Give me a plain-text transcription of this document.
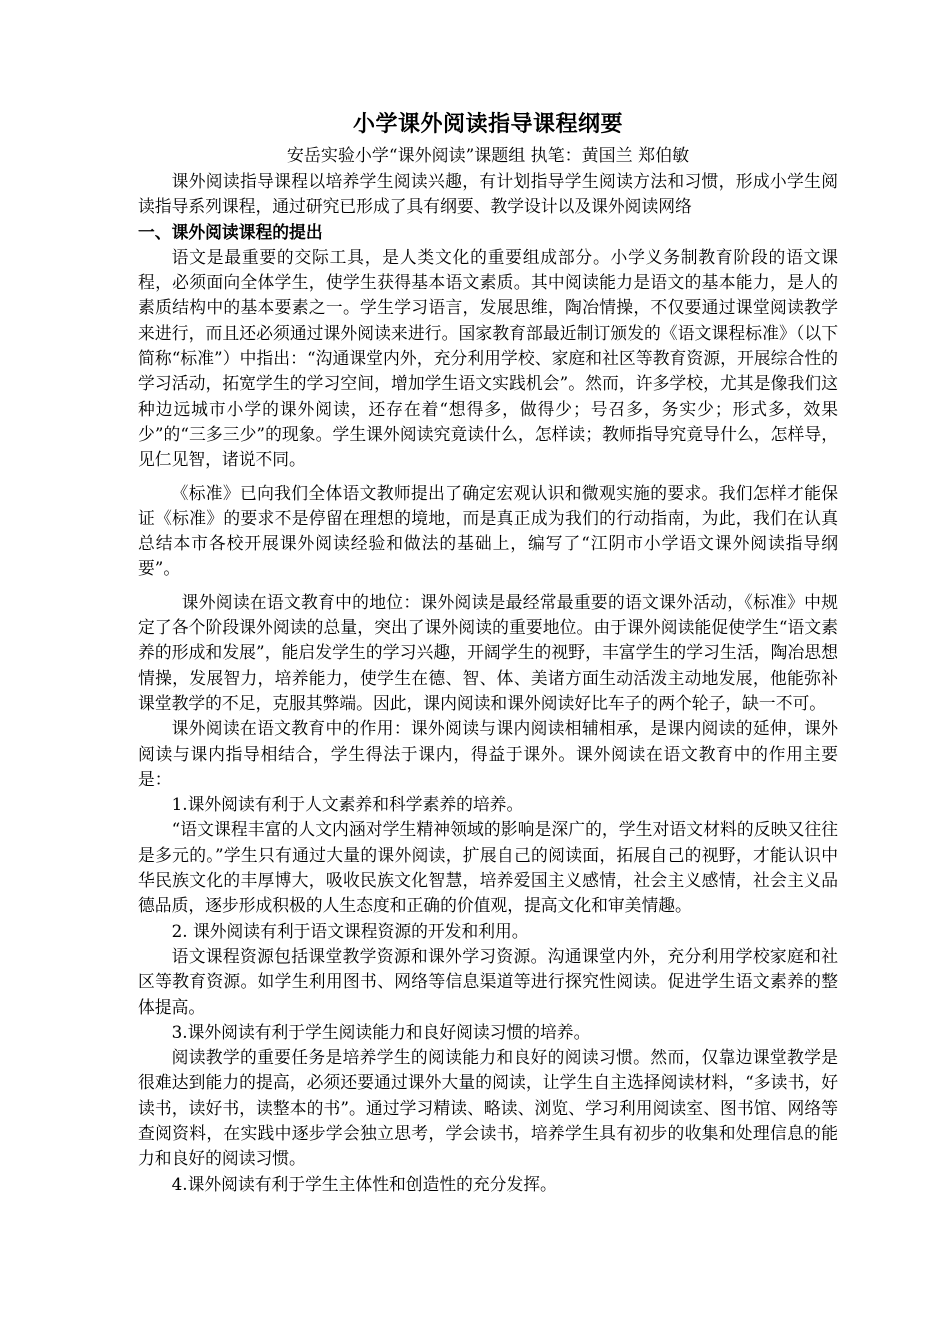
小学课外阅读指导课程纲要
安岳实验小学“课外阅读”课题组 执笔：黄国兰 郑伯敏

课外阅读指导课程以培养学生阅读兴趣，有计划指导学生阅读方法和习惯，形成小学生阅读指导系列课程，通过研究已形成了具有纲要、教学设计以及课外阅读网络

一、课外阅读课程的提出

语文是最重要的交际工具，是人类文化的重要组成部分。小学义务制教育阶段的语文课程，必须面向全体学生，使学生获得基本语文素质。其中阅读能力是语文的基本能力，是人的素质结构中的基本要素之一。学生学习语言，发展思维，陶冶情操，不仅要通过课堂阅读教学来进行，而且还必须通过课外阅读来进行。国家教育部最近制订颁发的《语文课程标准》（以下简称“标准”）中指出：“沟通课堂内外，充分利用学校、家庭和社区等教育资源，开展综合性的学习活动，拓宽学生的学习空间，增加学生语文实践机会”。然而，许多学校，尤其是像我们这种边远城市小学的课外阅读，还存在着“想得多，做得少；号召多，务实少；形式多，效果少”的“三多三少”的现象。学生课外阅读究竟读什么，怎样读；教师指导究竟导什么，怎样导，见仁见智，诸说不同。

《标准》已向我们全体语文教师提出了确定宏观认识和微观实施的要求。我们怎样才能保证《标准》的要求不是停留在理想的境地，而是真正成为我们的行动指南，为此，我们在认真总结本市各校开展课外阅读经验和做法的基础上，编写了“江阴市小学语文课外阅读指导纲要”。

课外阅读在语文教育中的地位：课外阅读是最经常最重要的语文课外活动，《标准》中规定了各个阶段课外阅读的总量，突出了课外阅读的重要地位。由于课外阅读能促使学生“语文素养的形成和发展”，能启发学生的学习兴趣，开阔学生的视野，丰富学生的学习生活，陶冶思想情操，发展智力，培养能力，使学生在德、智、体、美诸方面生动活泼主动地发展，他能弥补课堂教学的不足，克服其弊端。因此，课内阅读和课外阅读好比车子的两个轮子，缺一不可。

课外阅读在语文教育中的作用：课外阅读与课内阅读相辅相承，是课内阅读的延伸，课外阅读与课内指导相结合，学生得法于课内，得益于课外。课外阅读在语文教育中的作用主要是：

1.课外阅读有利于人文素养和科学素养的培养。

“语文课程丰富的人文内涵对学生精神领域的影响是深广的，学生对语文材料的反映又往往是多元的。”学生只有通过大量的课外阅读，扩展自己的阅读面，拓展自己的视野，才能认识中华民族文化的丰厚博大，吸收民族文化智慧，培养爱国主义感情，社会主义感情，社会主义品德品质，逐步形成积极的人生态度和正确的价值观，提高文化和审美情趣。

2. 课外阅读有利于语文课程资源的开发和利用。

语文课程资源包括课堂教学资源和课外学习资源。沟通课堂内外，充分利用学校家庭和社区等教育资源。如学生利用图书、网络等信息渠道等进行探究性阅读。促进学生语文素养的整体提高。

3.课外阅读有利于学生阅读能力和良好阅读习惯的培养。

阅读教学的重要任务是培养学生的阅读能力和良好的阅读习惯。然而，仅靠边课堂教学是很难达到能力的提高，必须还要通过课外大量的阅读，让学生自主选择阅读材料，“多读书，好读书，读好书，读整本的书”。通过学习精读、略读、浏览、学习利用阅读室、图书馆、网络等查阅资料，在实践中逐步学会独立思考，学会读书，培养学生具有初步的收集和处理信息的能力和良好的阅读习惯。

4.课外阅读有利于学生主体性和创造性的充分发挥。
